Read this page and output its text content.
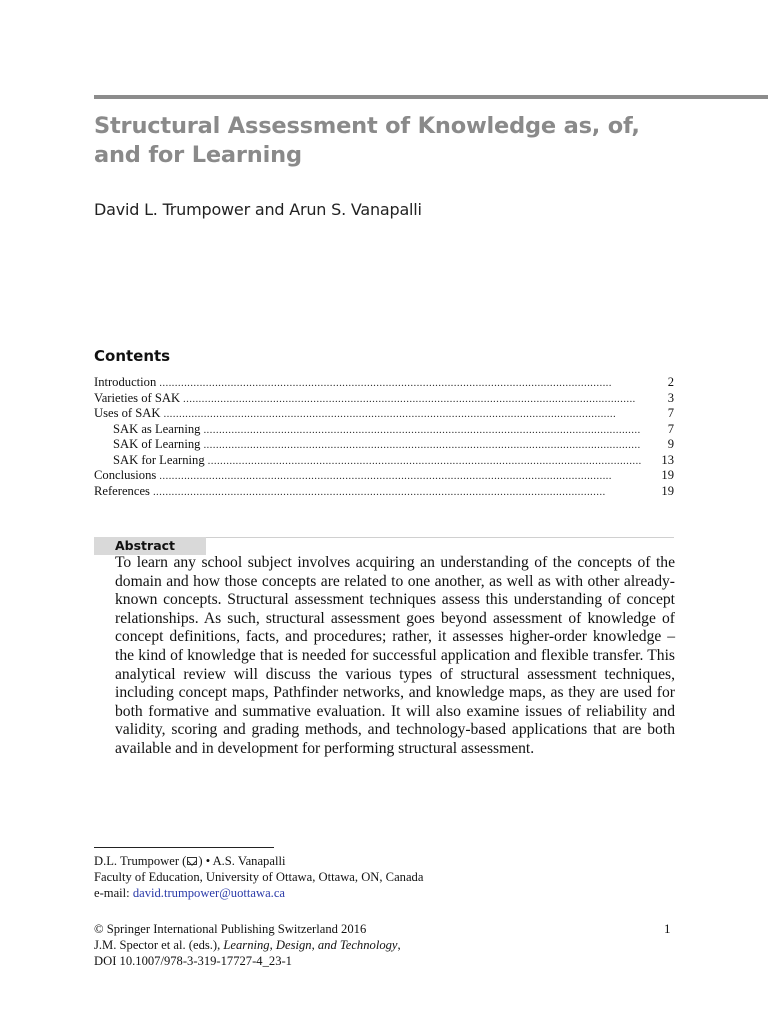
Structural Assessment of Knowledge as, of, and for Learning
David L. Trumpower and Arun S. Vanapalli
Contents
Introduction . . .	2
Varieties of SAK . . .	3
Uses of SAK . . .	7
SAK as Learning . . .	7
SAK of Learning . . .	9
SAK for Learning . . .	13
Conclusions . . .	19
References . . .	19
Abstract

To learn any school subject involves acquiring an understanding of the concepts of the domain and how those concepts are related to one another, as well as with other already-known concepts. Structural assessment techniques assess this understanding of concept relationships. As such, structural assessment goes beyond assessment of knowledge of concept definitions, facts, and procedures; rather, it assesses higher-order knowledge – the kind of knowledge that is needed for successful application and flexible transfer. This analytical review will discuss the various types of structural assessment techniques, including concept maps, Pathfinder networks, and knowledge maps, as they are used for both formative and summative evaluation. It will also examine issues of reliability and validity, scoring and grading methods, and technology-based applications that are both available and in development for performing structural assessment.

D.L. Trumpower ( ) • A.S. Vanapalli
Faculty of Education, University of Ottawa, Ottawa, ON, Canada
e-mail: david.trumpower@uottawa.ca
© Springer International Publishing Switzerland 2016
J.M. Spector et al. (eds.), Learning, Design, and Technology,
DOI 10.1007/978-3-319-17727-4_23-1
1
